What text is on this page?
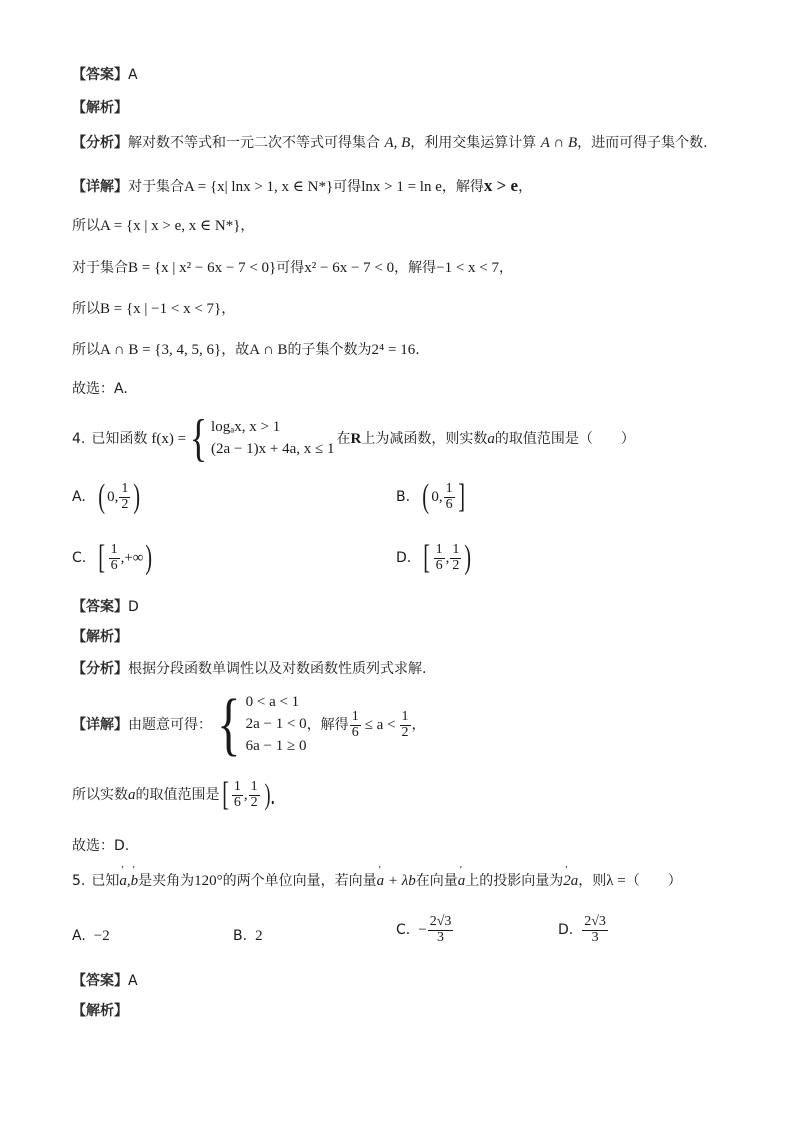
【答案】A
【解析】
【分析】解对数不等式和一元二次不等式可得集合 A, B，利用交集运算计算 A ∩ B，进而可得子集个数.
【详解】对于集合A = {x| lnx > 1, x ∈ N*}可得lnx > 1 = ln e，解得x > e，
所以A = {x | x > e, x ∈ N*}，
对于集合B = {x | x² − 6x − 7 < 0}可得x² − 6x − 7 < 0，解得−1 < x < 7，
所以B = {x | −1 < x < 7}，
所以A ∩ B = {3, 4, 5, 6}，故A ∩ B的子集个数为2⁴ = 16.
故选：A.
4. 已知函数 f(x) = { logₐx, x > 1
(2a − 1)x + 4a, x ≤ 1
在 R 上为减函数，则实数 a 的取值范围是（　　）
A. ( 0, $\frac{1}{2}$ )	B. ( 0, $\frac{1}{6}$ ]
C. [ $\frac{1}{6}$ ,+∞ )	D. [ $\frac{1}{6}$ , $\frac{1}{2}$ )
【答案】D
【解析】
【分析】根据分段函数单调性以及对数函数性质列式求解.
【详解】 由题意可得： { 0 < a < 1
2a − 1 < 0
6a − 1 ≥ 0
，解得 $\frac{1}{6} \le a < \frac{1}{2}$ ，
所以实数 a 的取值范围是 [ $\frac{1}{6}$ , $\frac{1}{2}$ ).
故选：D.
5. 已知ʹ a,ʹ b是夹角为120°的两个单位向量，若向量ʹ a + λb在向量ʹ a上的投影向量为ʹ 2a，则λ =（　　）
A. −2	B. 2	C. − $\frac{2√3}{3}$	D. $\frac{2√3}{3}$
【答案】A
【解析】
